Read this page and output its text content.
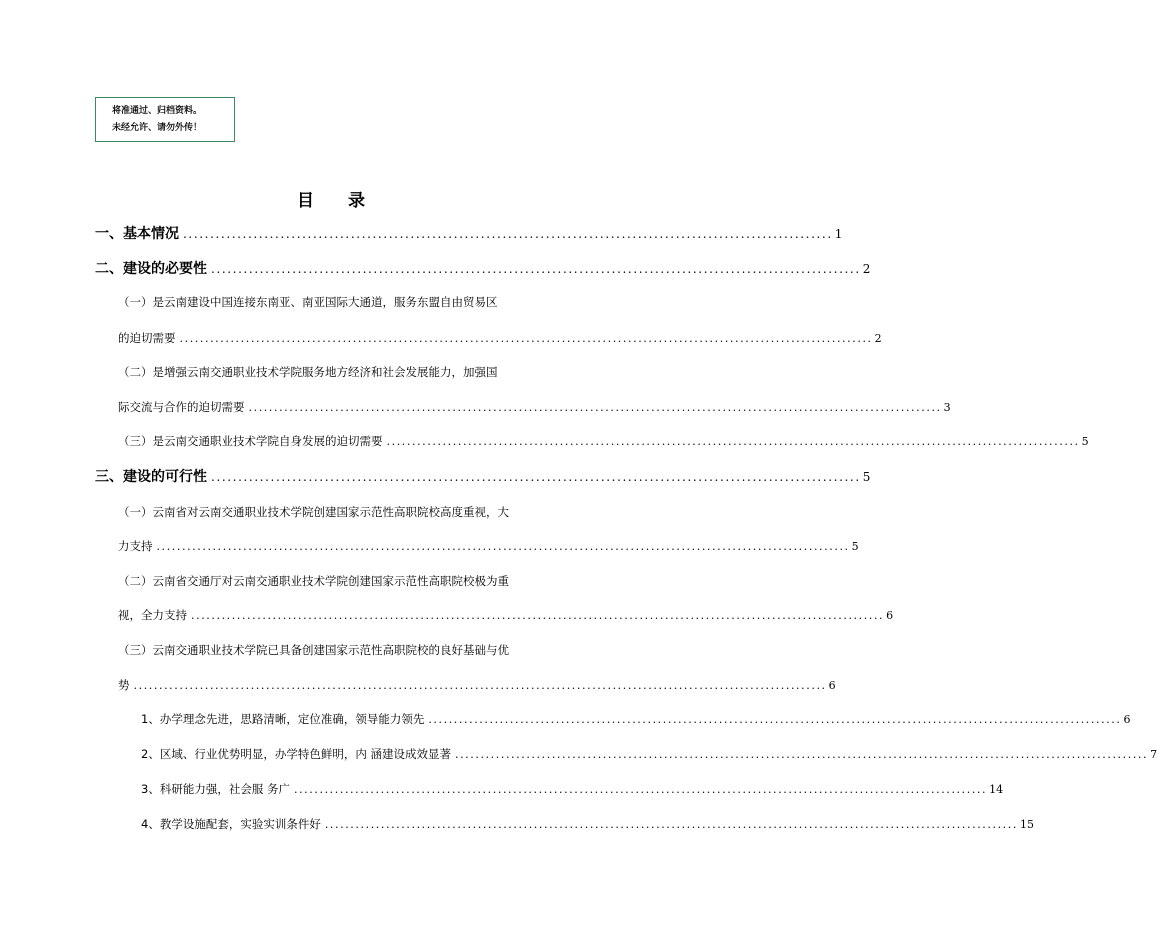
将准通过、归档资料。
未经允许、请勿外传！
目录
一、基本情况 ........................................................................................................................ 1
二、建设的必要性 ........................................................................................................................ 2
（一）是云南建设中国连接东南亚、南亚国际大通道，服务东盟自由贸易区
的迫切需要 ........................................................................................................................................ 2
（二）是增强云南交通职业技术学院服务地方经济和社会发展能力，加强国
际交流与合作的迫切需要 ........................................................................................................................................ 3
（三）是云南交通职业技术学院自身发展的迫切需要 ........................................................................................................................................ 5
三、建设的可行性 ........................................................................................................................ 5
（一）云南省对云南交通职业技术学院创建国家示范性高职院校高度重视，大
力支持 ........................................................................................................................................ 5
（二）云南省交通厅对云南交通职业技术学院创建国家示范性高职院校极为重
视，全力支持 ........................................................................................................................................ 6
（三）云南交通职业技术学院已具备创建国家示范性高职院校的良好基础与优
势 ........................................................................................................................................ 6
1、办学理念先进，思路清晰，定位准确，领导能力领先 ........................................................................................................................................ 6
2、区域、行业优势明显，办学特色鲜明，内 涵建设成效显著 ........................................................................................................................................ 7
3、科研能力强，社会服 务广 ........................................................................................................................................ 14
4、教学设施配套，实验实训条件好 ........................................................................................................................................ 15
